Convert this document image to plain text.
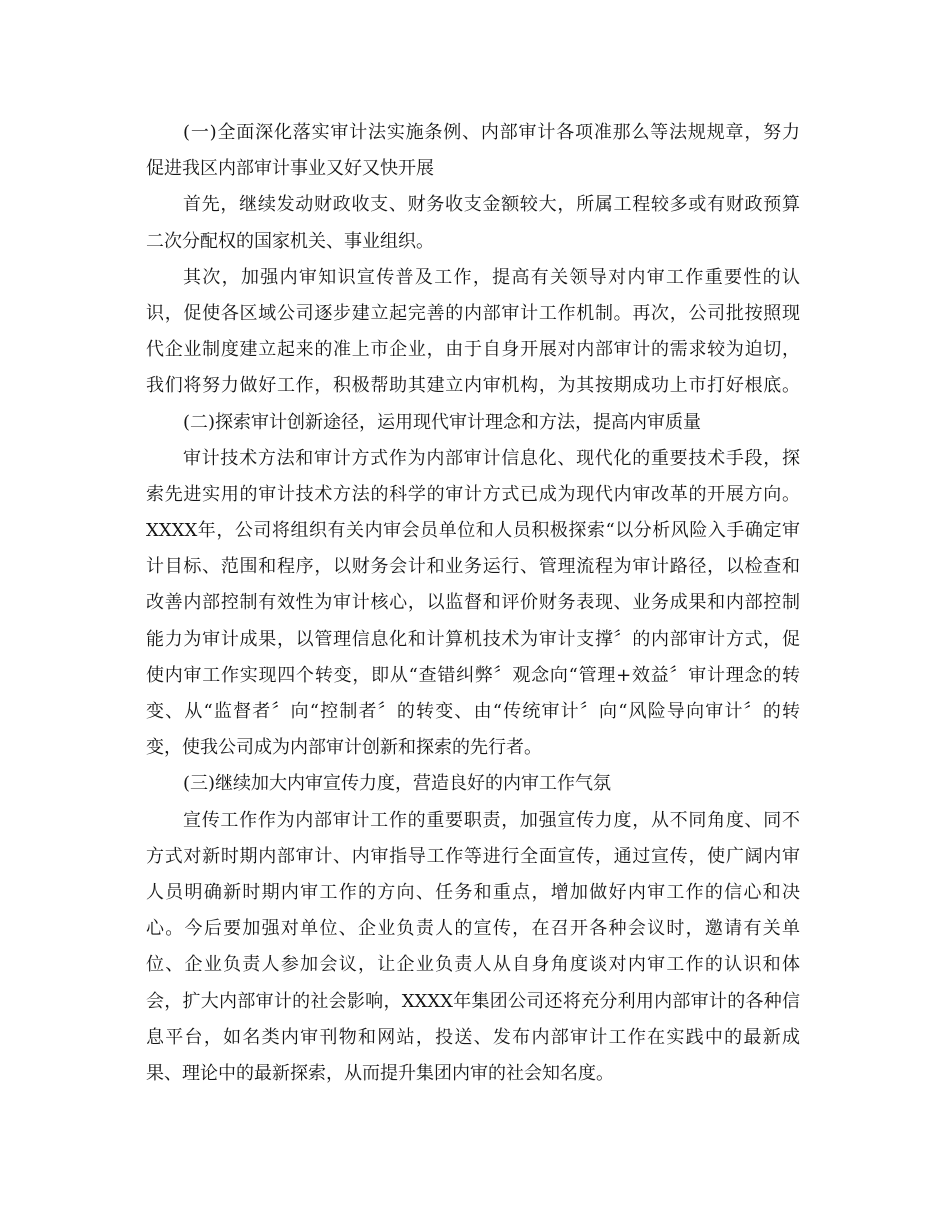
(一)全面深化落实审计法实施条例、内部审计各项准那么等法规规章，努力
促进我区内部审计事业又好又快开展
首先，继续发动财政收支、财务收支金额较大，所属工程较多或有财政预算
二次分配权的国家机关、事业组织。
其次，加强内审知识宣传普及工作，提高有关领导对内审工作重要性的认
识，促使各区域公司逐步建立起完善的内部审计工作机制。再次，公司批按照现
代企业制度建立起来的准上市企业，由于自身开展对内部审计的需求较为迫切，
我们将努力做好工作，积极帮助其建立内审机构，为其按期成功上市打好根底。
(二)探索审计创新途径，运用现代审计理念和方法，提高内审质量
审计技术方法和审计方式作为内部审计信息化、现代化的重要技术手段，探
索先进实用的审计技术方法的科学的审计方式已成为现代内审改革的开展方向。
XXXX年，公司将组织有关内审会员单位和人员积极探索“以分析风险入手确定审
计目标、范围和程序，以财务会计和业务运行、管理流程为审计路径，以检查和
改善内部控制有效性为审计核心，以监督和评价财务表现、业务成果和内部控制
能力为审计成果，以管理信息化和计算机技术为审计支撑〞的内部审计方式，促
使内审工作实现四个转变，即从“查错纠弊〞观念向“管理+效益〞审计理念的转
变、从“监督者〞向“控制者〞的转变、由“传统审计〞向“风险导向审计〞的转
变，使我公司成为内部审计创新和探索的先行者。
(三)继续加大内审宣传力度，营造良好的内审工作气氛
宣传工作作为内部审计工作的重要职责，加强宣传力度，从不同角度、同不
方式对新时期内部审计、内审指导工作等进行全面宣传，通过宣传，使广阔内审
人员明确新时期内审工作的方向、任务和重点，增加做好内审工作的信心和决
心。今后要加强对单位、企业负责人的宣传，在召开各种会议时，邀请有关单
位、企业负责人参加会议，让企业负责人从自身角度谈对内审工作的认识和体
会，扩大内部审计的社会影响，XXXX年集团公司还将充分利用内部审计的各种信
息平台，如名类内审刊物和网站，投送、发布内部审计工作在实践中的最新成
果、理论中的最新探索，从而提升集团内审的社会知名度。
